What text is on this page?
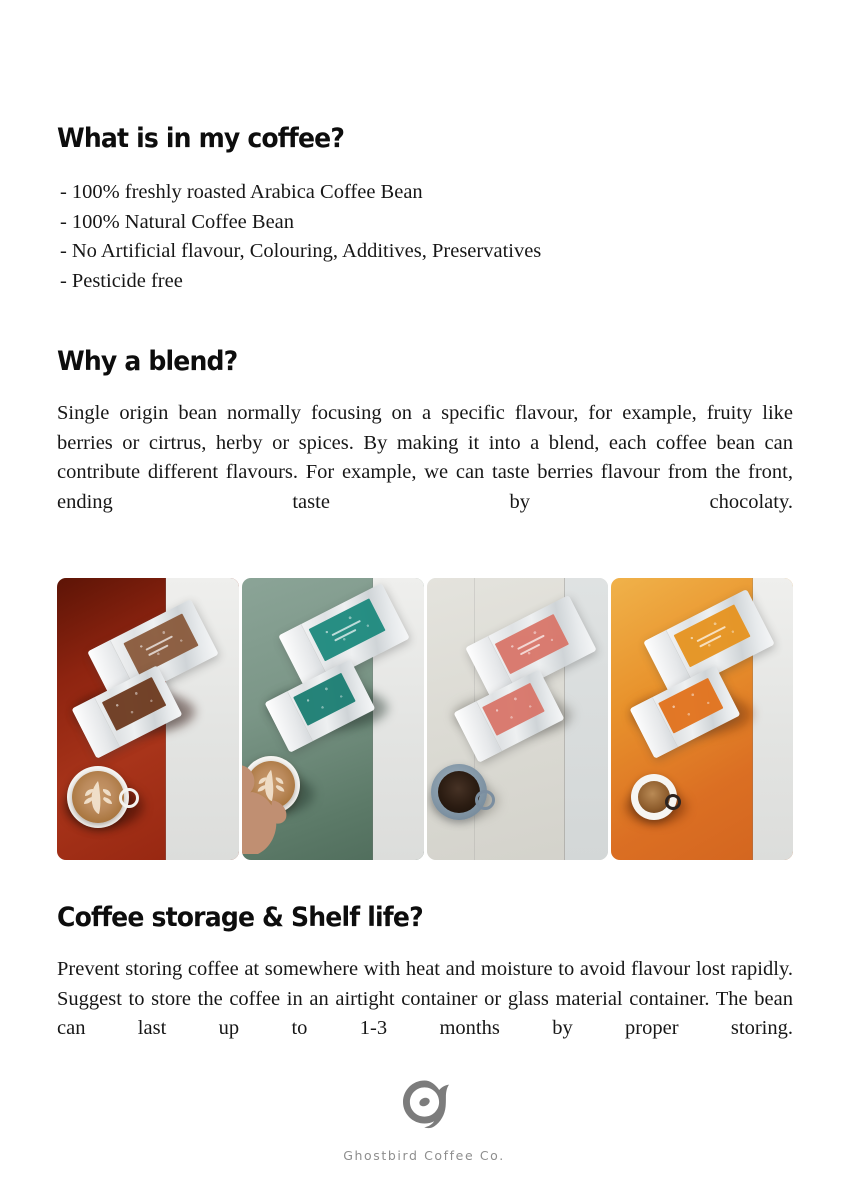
What is in my coffee?
- 100% freshly roasted Arabica Coffee Bean
- 100% Natural Coffee Bean
- No Artificial flavour, Colouring, Additives, Preservatives
- Pesticide free
Why a blend?

Single origin bean normally focusing on a specific flavour, for example, fruity like berries or cirtrus, herby or spices. By making it into a blend, each coffee bean can contribute different flavours. For example, we can taste berries flavour from the front, ending taste by chocolaty.

Coffee storage & Shelf life?

Prevent storing coffee at somewhere with heat and moisture to avoid flavour lost rapidly. Suggest to store the coffee in an airtight container or glass material container. The bean can last up to 1-3 months by proper storing.

Ghostbird Coffee Co.
